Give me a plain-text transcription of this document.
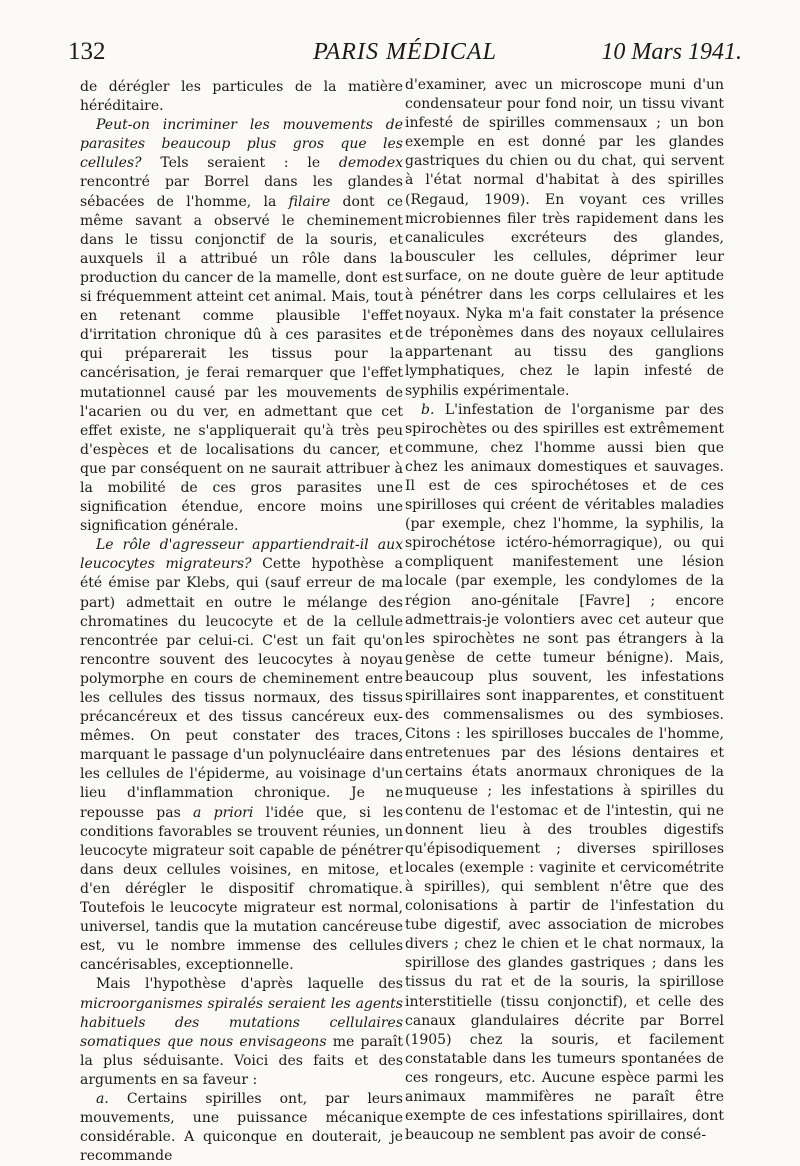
132	PARIS MÉDICAL	10 Mars 1941.

de dérégler les particules de la matière héréditaire.

Peut-on incriminer les mouvements de parasites beaucoup plus gros que les cellules? Tels seraient : le demodex rencontré par Borrel dans les glandes sébacées de l'homme, la filaire dont ce même savant a observé le cheminement dans le tissu conjonctif de la souris, et auxquels il a attribué un rôle dans la production du cancer de la mamelle, dont est si fréquemment atteint cet animal. Mais, tout en retenant comme plausible l'effet d'irritation chronique dû à ces parasites et qui préparerait les tissus pour la cancérisation, je ferai remarquer que l'effet mutationnel causé par les mouvements de l'acarien ou du ver, en admettant que cet effet existe, ne s'appliquerait qu'à très peu d'espèces et de localisations du cancer, et que par conséquent on ne saurait attribuer à la mobilité de ces gros parasites une signification étendue, encore moins une signification générale.

Le rôle d'agresseur appartiendrait-il aux leucocytes migrateurs? Cette hypothèse a été émise par Klebs, qui (sauf erreur de ma part) admettait en outre le mélange des chromatines du leucocyte et de la cellule rencontrée par celui-ci. C'est un fait qu'on rencontre souvent des leucocytes à noyau polymorphe en cours de cheminement entre les cellules des tissus normaux, des tissus précancéreux et des tissus cancéreux eux-mêmes. On peut constater des traces, marquant le passage d'un polynucléaire dans les cellules de l'épiderme, au voisinage d'un lieu d'inflammation chronique. Je ne repousse pas a priori l'idée que, si les conditions favorables se trouvent réunies, un leucocyte migrateur soit capable de pénétrer dans deux cellules voisines, en mitose, et d'en dérégler le dispositif chromatique. Toutefois le leucocyte migrateur est normal, universel, tandis que la mutation cancéreuse est, vu le nombre immense des cellules cancérisables, exceptionnelle.

Mais l'hypothèse d'après laquelle des microorganismes spiralés seraient les agents habituels des mutations cellulaires somatiques que nous envisageons me paraît la plus séduisante. Voici des faits et des arguments en sa faveur :

a. Certains spirilles ont, par leurs mouvements, une puissance mécanique considérable. A quiconque en douterait, je recommande

d'examiner, avec un microscope muni d'un condensateur pour fond noir, un tissu vivant infesté de spirilles commensaux ; un bon exemple en est donné par les glandes gastriques du chien ou du chat, qui servent à l'état normal d'habitat à des spirilles (Regaud, 1909). En voyant ces vrilles microbiennes filer très rapidement dans les canalicules excréteurs des glandes, bousculer les cellules, déprimer leur surface, on ne doute guère de leur aptitude à pénétrer dans les corps cellulaires et les noyaux. Nyka m'a fait constater la présence de tréponèmes dans des noyaux cellulaires appartenant au tissu des ganglions lymphatiques, chez le lapin infesté de syphilis expérimentale.

b. L'infestation de l'organisme par des spirochètes ou des spirilles est extrêmement commune, chez l'homme aussi bien que chez les animaux domestiques et sauvages. Il est de ces spirochétoses et de ces spirilloses qui créent de véritables maladies (par exemple, chez l'homme, la syphilis, la spirochétose ictéro-hémorragique), ou qui compliquent manifestement une lésion locale (par exemple, les condylomes de la région ano-génitale [Favre] ; encore admettrais-je volontiers avec cet auteur que les spirochètes ne sont pas étrangers à la genèse de cette tumeur bénigne). Mais, beaucoup plus souvent, les infestations spirillaires sont inapparentes, et constituent des commensalismes ou des symbioses. Citons : les spirilloses buccales de l'homme, entretenues par des lésions dentaires et certains états anormaux chroniques de la muqueuse ; les infestations à spirilles du contenu de l'estomac et de l'intestin, qui ne donnent lieu à des troubles digestifs qu'épisodiquement ; diverses spirilloses locales (exemple : vaginite et cervicométrite à spirilles), qui semblent n'être que des colonisations à partir de l'infestation du tube digestif, avec association de microbes divers ; chez le chien et le chat normaux, la spirillose des glandes gastriques ; dans les tissus du rat et de la souris, la spirillose interstitielle (tissu conjonctif), et celle des canaux glandulaires décrite par Borrel (1905) chez la souris, et facilement constatable dans les tumeurs spontanées de ces rongeurs, etc. Aucune espèce parmi les animaux mammifères ne paraît être exempte de ces infestations spirillaires, dont beaucoup ne semblent pas avoir de consé-
